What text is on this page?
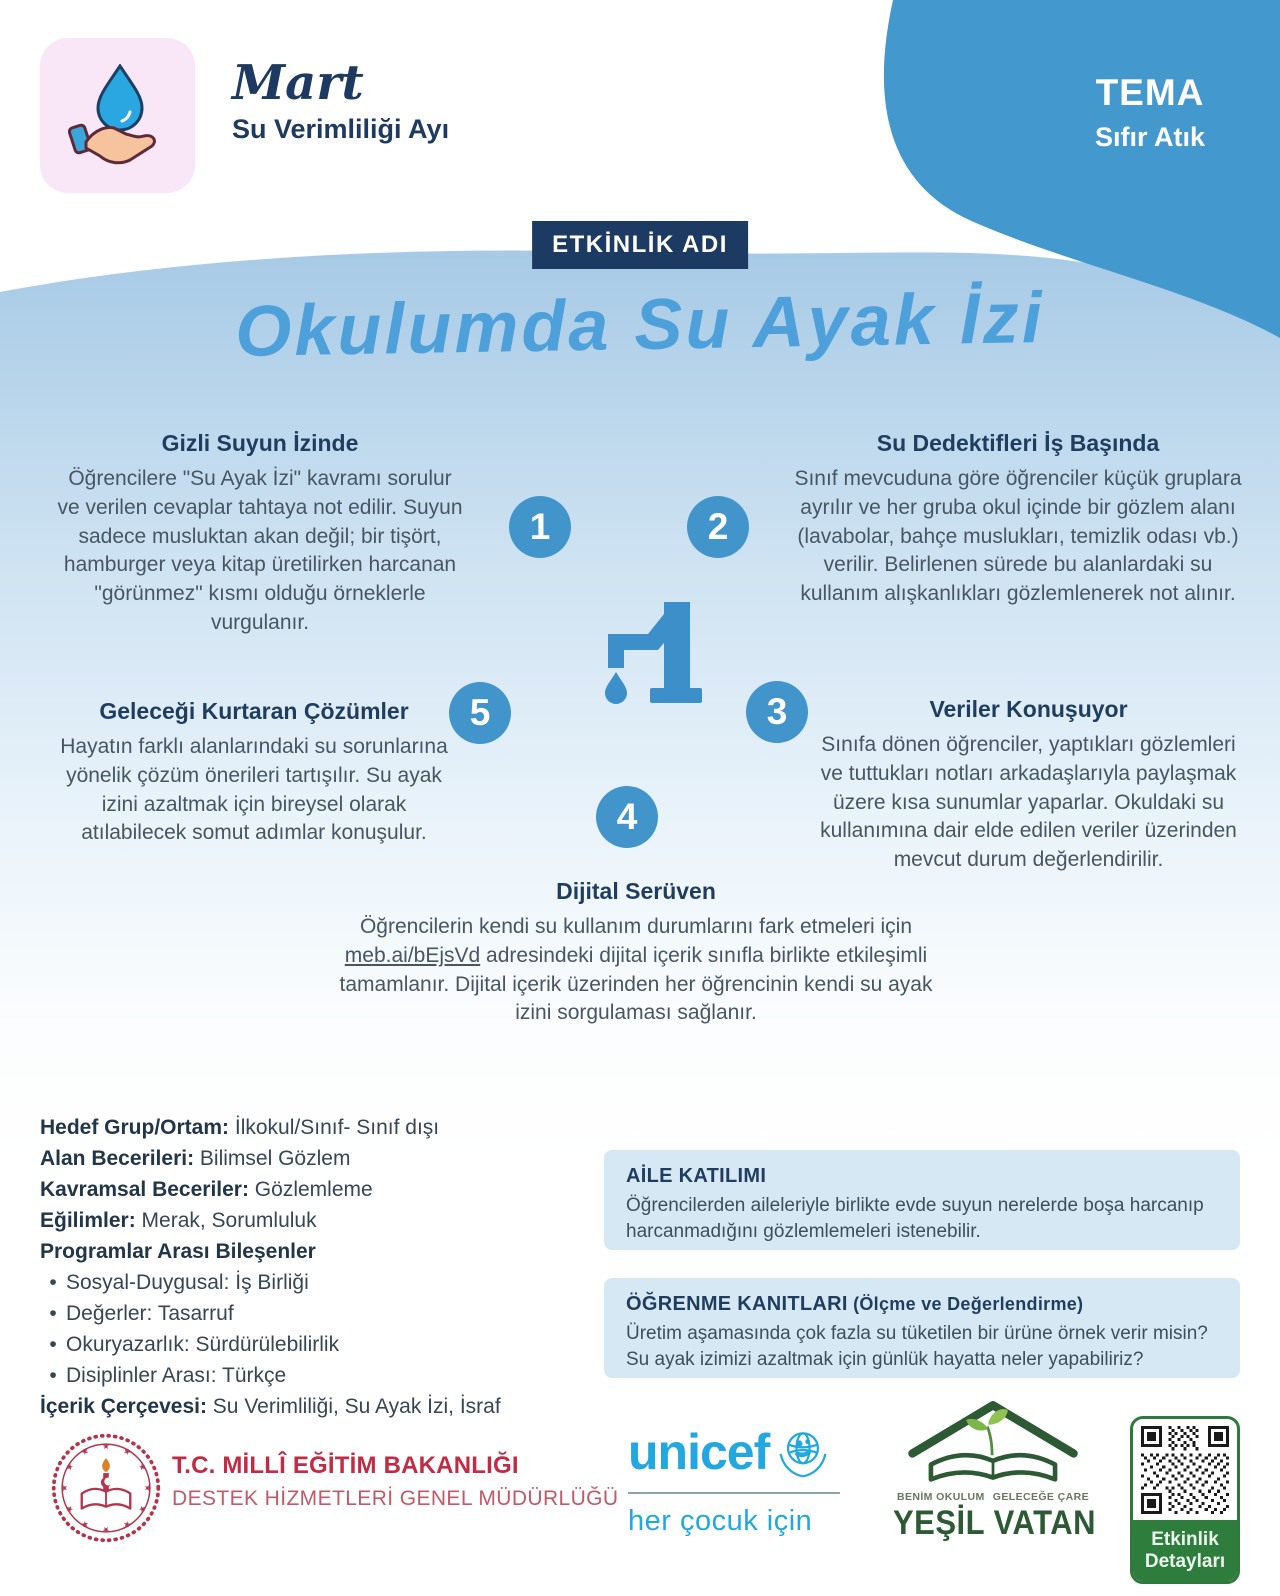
Mart
Su Verimliliği Ayı
TEMA
Sıfır Atık
ETKİNLİK ADI
Okulumda Su Ayak İzi
1	2
3
4
5
Gizli Suyun İzinde

Öğrencilere "Su Ayak İzi" kavramı sorulur ve verilen cevaplar tahtaya not edilir. Suyun sadece musluktan akan değil; bir tişört, hamburger veya kitap üretilirken harcanan "görünmez" kısmı olduğu örneklerle vurgulanır.

Su Dedektifleri İş Başında

Sınıf mevcuduna göre öğrenciler küçük gruplara ayrılır ve her gruba okul içinde bir gözlem alanı (lavabolar, bahçe muslukları, temizlik odası vb.) verilir. Belirlenen sürede bu alanlardaki su kullanım alışkanlıkları gözlemlenerek not alınır.

Veriler Konuşuyor

Sınıfa dönen öğrenciler, yaptıkları gözlemleri ve tuttukları notları arkadaşlarıyla paylaşmak üzere kısa sunumlar yaparlar. Okuldaki su kullanımına dair elde edilen veriler üzerinden mevcut durum değerlendirilir.

Geleceği Kurtaran Çözümler

Hayatın farklı alanlarındaki su sorunlarına yönelik çözüm önerileri tartışılır. Su ayak izini azaltmak için bireysel olarak atılabilecek somut adımlar konuşulur.

Dijital Serüven

Öğrencilerin kendi su kullanım durumlarını fark etmeleri için meb.ai/bEjsVd adresindeki dijital içerik sınıfla birlikte etkileşimli tamamlanır. Dijital içerik üzerinden her öğrencinin kendi su ayak izini sorgulaması sağlanır.

Hedef Grup/Ortam: İlkokul/Sınıf- Sınıf dışı
Alan Becerileri: Bilimsel Gözlem
Kavramsal Beceriler: Gözlemleme
Eğilimler: Merak, Sorumluluk
Programlar Arası Bileşenler
• Sosyal-Duygusal: İş Birliği
• Değerler: Tasarruf
• Okuryazarlık: Sürdürülebilirlik
• Disiplinler Arası: Türkçe
İçerik Çerçevesi: Su Verimliliği, Su Ayak İzi, İsraf
AİLE KATILIMI

Öğrencilerden aileleriyle birlikte evde suyun nerelerde boşa harcanıp harcanmadığını gözlemlemeleri istenebilir.

ÖĞRENME KANITLARI (Ölçme ve Değerlendirme)

Üretim aşamasında çok fazla su tüketilen bir ürüne örnek verir misin? Su ayak izimizi azaltmak için günlük hayatta neler yapabiliriz?

★ ★
★
★
★
★
★
★
★
★
★
★
T.C. MİLLÎ EĞİTİM BAKANLIĞI
DESTEK HİZMETLERİ GENEL MÜDÜRLÜĞÜ
unicef
her çocuk için
BENİM OKULUM GELECEĞE ÇARE
YEŞİL VATAN	Etkinlik Detayları
